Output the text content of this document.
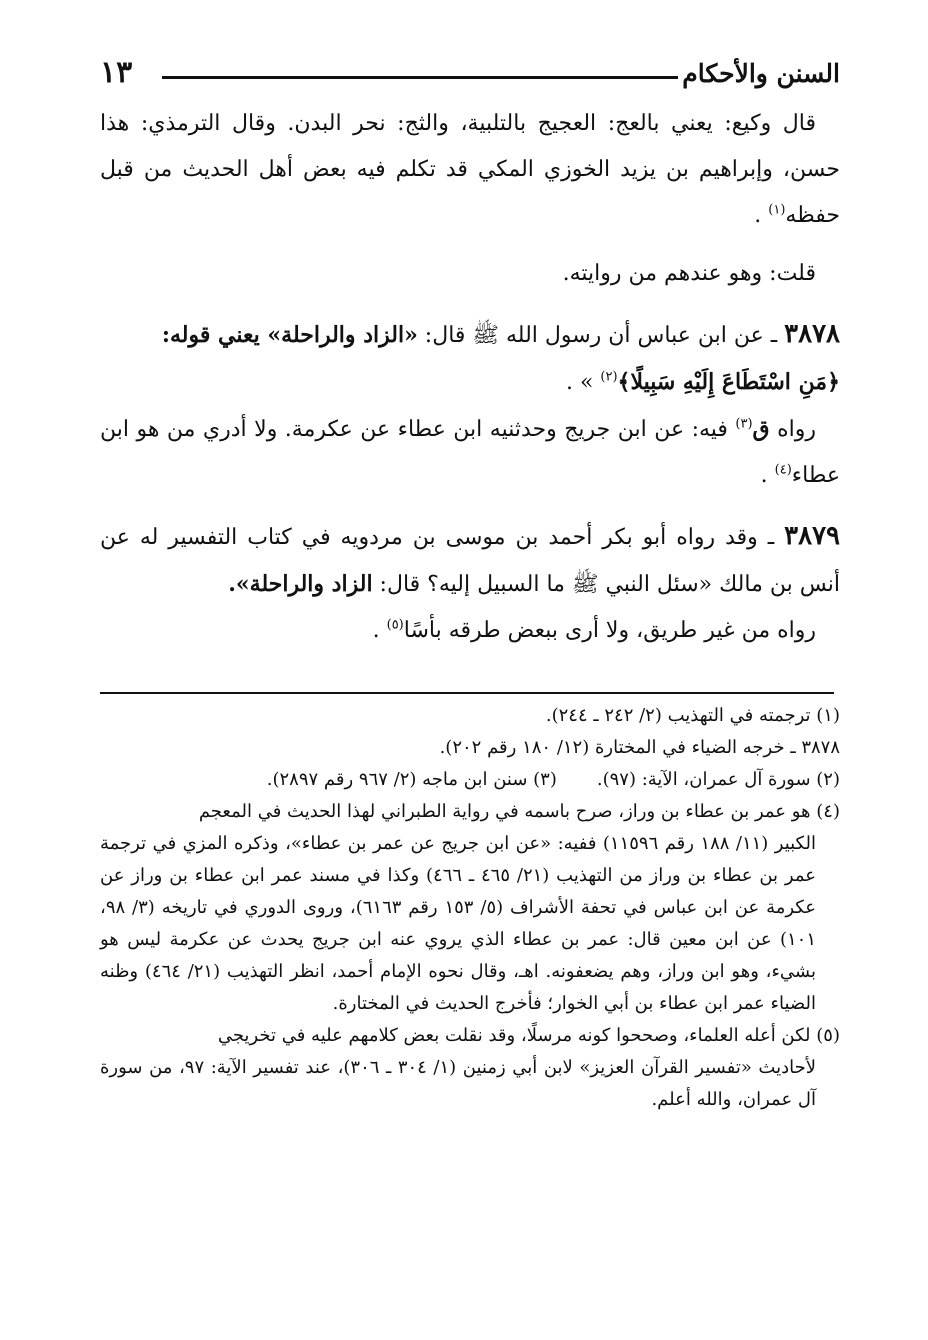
السنن والأحكام
١٣

قال وكيع: يعني بالعج: العجيج بالتلبية، والثج: نحر البدن. وقال الترمذي: هذا حسن، وإبراهيم بن يزيد الخوزي المكي قد تكلم فيه بعض أهل الحديث من قبل حفظه$^{(١)}$ .

قلت: وهو عندهم من روايته.

٣٨٧٨ ـ عن ابن عباس أن رسول الله ﷺ قال: «الزاد والراحلة» يعني قوله:
﴿مَنِ اسْتَطَاعَ إِلَيْهِ سَبِيلًا﴾$^{(٢)}$ » .

رواه ق$^{(٣)}$ فيه: عن ابن جريج وحدثنيه ابن عطاء عن عكرمة. ولا أدري من هو ابن عطاء$^{(٤)}$ .

٣٨٧٩ ـ وقد رواه أبو بكر أحمد بن موسى بن مردويه في كتاب التفسير له عن أنس بن مالك «سئل النبي ﷺ ما السبيل إليه؟ قال: الزاد والراحلة».

رواه من غير طريق، ولا أرى ببعض طرقه بأسًا$^{(٥)}$ .

(١) ترجمته في التهذيب (٢/ ٢٤٢ ـ ٢٤٤).

٣٨٧٨ ـ خرجه الضياء في المختارة (١٢/ ١٨٠ رقم ٢٠٢).

(٢) سورة آل عمران، الآية: (٩٧).
(٣) سنن ابن ماجه (٢/ ٩٦٧ رقم ٢٨٩٧).

(٤) هو عمر بن عطاء بن وراز، صرح باسمه في رواية الطبراني لهذا الحديث في المعجم

الكبير (١١/ ١٨٨ رقم ١١٥٩٦) ففيه: «عن ابن جريج عن عمر بن عطاء»، وذكره المزي في ترجمة عمر بن عطاء بن وراز من التهذيب (٢١/ ٤٦٥ ـ ٤٦٦) وكذا في مسند عمر ابن عطاء بن وراز عن عكرمة عن ابن عباس في تحفة الأشراف (٥/ ١٥٣ رقم ٦١٦٣)، وروى الدوري في تاريخه (٣/ ٩٨، ١٠١) عن ابن معين قال: عمر بن عطاء الذي يروي عنه ابن جريج يحدث عن عكرمة ليس هو بشيء، وهو ابن وراز، وهم يضعفونه. اهـ، وقال نحوه الإمام أحمد، انظر التهذيب (٢١/ ٤٦٤) وظنه الضياء عمر ابن عطاء بن أبي الخوار؛ فأخرج الحديث في المختارة.

(٥) لكن أعله العلماء، وصححوا كونه مرسلًا، وقد نقلت بعض كلامهم عليه في تخريجي

لأحاديث «تفسير القرآن العزيز» لابن أبي زمنين (١/ ٣٠٤ ـ ٣٠٦)، عند تفسير الآية: ٩٧، من سورة آل عمران، والله أعلم.
